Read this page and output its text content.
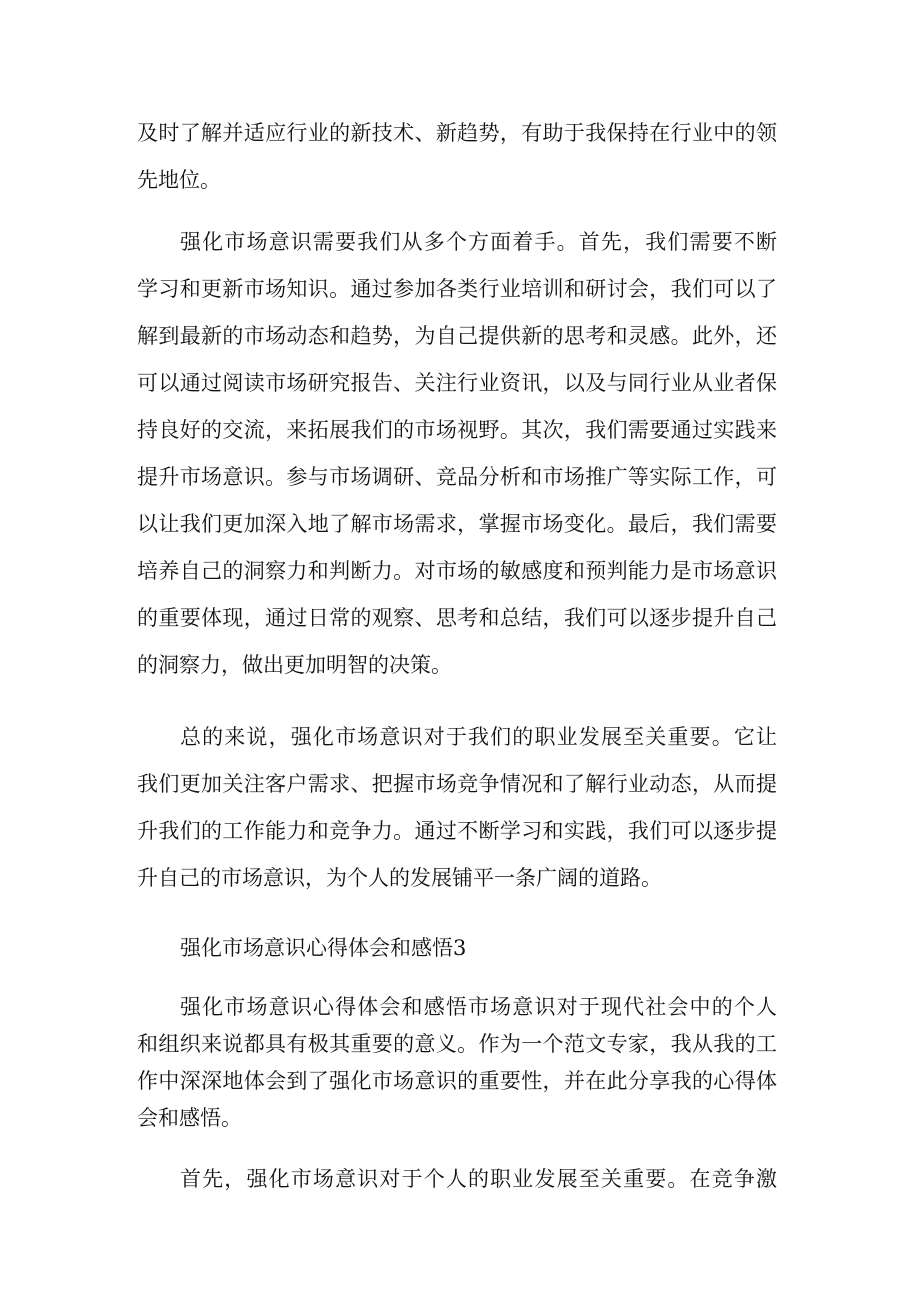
及时了解并适应行业的新技术、新趋势，有助于我保持在行业中的领
先地位。
强化市场意识需要我们从多个方面着手。首先，我们需要不断
学习和更新市场知识。通过参加各类行业培训和研讨会，我们可以了
解到最新的市场动态和趋势，为自己提供新的思考和灵感。此外，还
可以通过阅读市场研究报告、关注行业资讯，以及与同行业从业者保
持良好的交流，来拓展我们的市场视野。其次，我们需要通过实践来
提升市场意识。参与市场调研、竞品分析和市场推广等实际工作，可
以让我们更加深入地了解市场需求，掌握市场变化。最后，我们需要
培养自己的洞察力和判断力。对市场的敏感度和预判能力是市场意识
的重要体现，通过日常的观察、思考和总结，我们可以逐步提升自己
的洞察力，做出更加明智的决策。
总的来说，强化市场意识对于我们的职业发展至关重要。它让
我们更加关注客户需求、把握市场竞争情况和了解行业动态，从而提
升我们的工作能力和竞争力。通过不断学习和实践，我们可以逐步提
升自己的市场意识，为个人的发展铺平一条广阔的道路。
强化市场意识心得体会和感悟3
强化市场意识心得体会和感悟市场意识对于现代社会中的个人
和组织来说都具有极其重要的意义。作为一个范文专家，我从我的工
作中深深地体会到了强化市场意识的重要性，并在此分享我的心得体
会和感悟。
首先，强化市场意识对于个人的职业发展至关重要。在竞争激
